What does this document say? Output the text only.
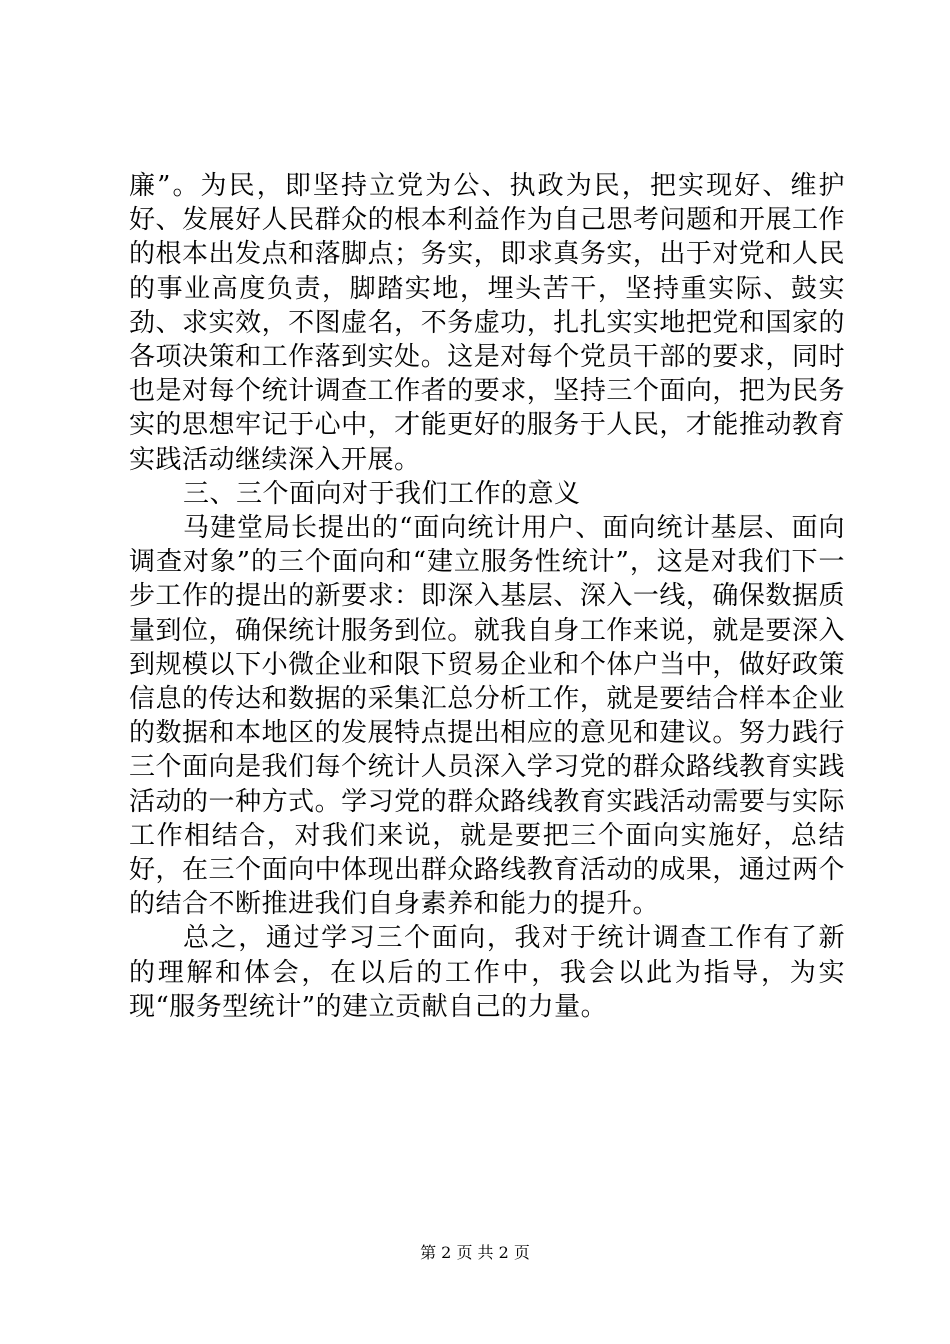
廉”。为民，即坚持立党为公、执政为民，把实现好、维护好、发展好人民群众的根本利益作为自己思考问题和开展工作的根本出发点和落脚点；务实，即求真务实，出于对党和人民的事业高度负责，脚踏实地，埋头苦干，坚持重实际、鼓实劲、求实效，不图虚名，不务虚功，扎扎实实地把党和国家的各项决策和工作落到实处。这是对每个党员干部的要求，同时也是对每个统计调查工作者的要求，坚持三个面向，把为民务实的思想牢记于心中，才能更好的服务于人民，才能推动教育实践活动继续深入开展。

三、三个面向对于我们工作的意义

马建堂局长提出的“面向统计用户、面向统计基层、面向调查对象”的三个面向和“建立服务性统计”，这是对我们下一步工作的提出的新要求：即深入基层、深入一线，确保数据质量到位，确保统计服务到位。就我自身工作来说，就是要深入到规模以下小微企业和限下贸易企业和个体户当中，做好政策信息的传达和数据的采集汇总分析工作，就是要结合样本企业的数据和本地区的发展特点提出相应的意见和建议。努力践行三个面向是我们每个统计人员深入学习党的群众路线教育实践活动的一种方式。学习党的群众路线教育实践活动需要与实际工作相结合，对我们来说，就是要把三个面向实施好，总结好，在三个面向中体现出群众路线教育活动的成果，通过两个的结合不断推进我们自身素养和能力的提升。

总之，通过学习三个面向，我对于统计调查工作有了新的理解和体会，在以后的工作中，我会以此为指导，为实现“服务型统计”的建立贡献自己的力量。

第 2 页 共 2 页
